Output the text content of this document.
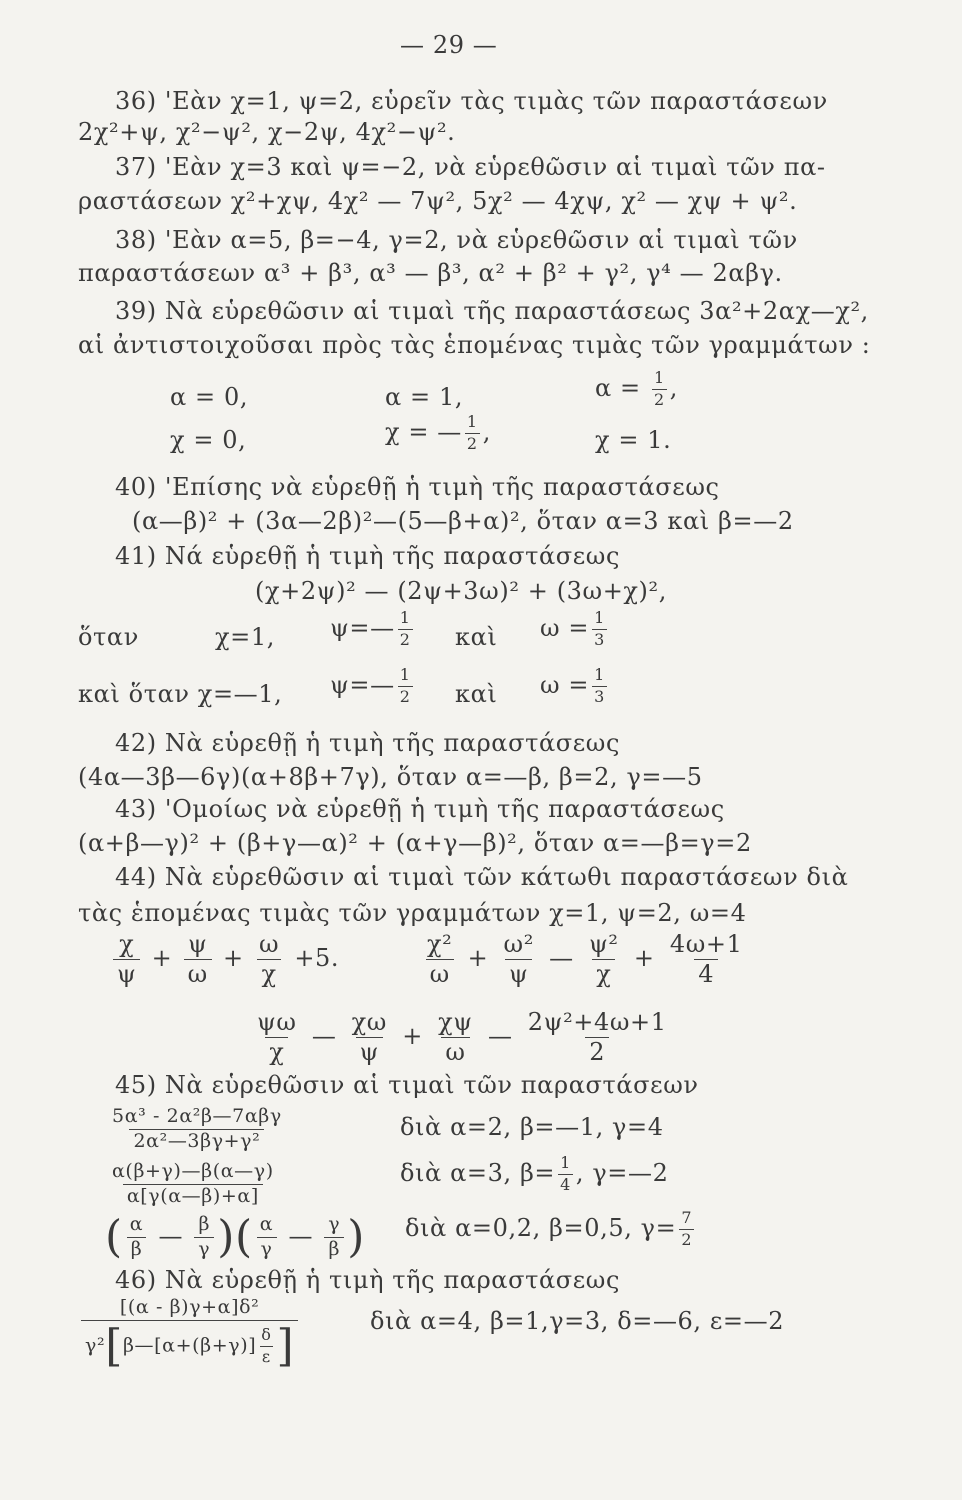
— 29 —
36) 'Εὰν χ=1, ψ=2, εὑρεῖν τὰς τιμὰς τῶν παραστάσεων
2χ²+ψ, χ²−ψ², χ−2ψ, 4χ²−ψ².
37) 'Εὰν χ=3 καὶ ψ=−2, νὰ εὑρεθῶσιν αἱ τιμαὶ τῶν πα-
ραστάσεων χ²+χψ, 4χ² — 7ψ², 5χ² — 4χψ, χ² — χψ + ψ².
38) 'Εὰν α=5, β=−4, γ=2, νὰ εὑρεθῶσιν αἱ τιμαὶ τῶν
παραστάσεων α³ + β³, α³ — β³, α² + β² + γ², γ⁴ — 2αβγ.
39) Νὰ εὑρεθῶσιν αἱ τιμαὶ τῆς παραστάσεως 3α²+2αχ—χ²,
αἱ ἀντιστοιχοῦσαι πρὸς τὰς ἑπομένας τιμὰς τῶν γραμμάτων :
α = 0,	α = 1,	$\alpha = \frac{1}{2}$ ,
χ = 0,	χ = — $\frac{1}{2}$ ,	χ = 1.
40) 'Επίσης νὰ εὑρεθῇ ἡ τιμὴ τῆς παραστάσεως
(α—β)² + (3α—2β)²—(5—β+α)², ὅταν α=3 καὶ β=—2
41) Νά εὑρεθῇ ἡ τιμὴ τῆς παραστάσεως
(χ+2ψ)² — (2ψ+3ω)² + (3ω+χ)²,
ὅταν	χ=1, ψ=— $\frac{1}{2}$ καὶ $\omega = \frac{1}{3}$
καὶ ὅταν χ=—1, ψ=— $\frac{1}{2}$ καὶ $\omega = \frac{1}{3}$
42) Νὰ εὑρεθῇ ἡ τιμὴ τῆς παραστάσεως
(4α—3β—6γ)(α+8β+7γ), ὅταν α=—β, β=2, γ=—5
43) 'Ομοίως νὰ εὑρεθῇ ἡ τιμὴ τῆς παραστάσεως
(α+β—γ)² + (β+γ—α)² + (α+γ—β)², ὅταν α=—β=γ=2
44) Νὰ εὑρεθῶσιν αἱ τιμαὶ τῶν κάτωθι παραστάσεων διὰ
τὰς ἑπομένας τιμὰς τῶν γραμμάτων χ=1, ψ=2, ω=4
$\frac{\chi}{\psi} + \frac{\psi}{\omega} + \frac{\omega}{\chi} +5$.	$\frac{\text{χ²}}{\omega} + \frac{\text{ω²}}{\psi}$ — $\frac{\text{ψ²}}{\chi} + \frac{4\omega+1}{4}$
$\frac{\psi\omega}{\chi}$ — $\frac{\chi\omega}{\psi} + \frac{\chi\psi}{\omega}$ — $\frac{\text{2ψ²+4ω+1}}{2}$
45) Νὰ εὑρεθῶσιν αἱ τιμαὶ τῶν παραστάσεων
$\frac{\text{5α³ - 2α²β—7αβγ}}{\text{2α²—3βγ+γ²}}$	διὰ α=2, β=—1, γ=4
$\frac{\alpha(\beta+\gamma)—\beta(\alpha—\gamma)}{\alpha[\gamma(\alpha—\beta)+\alpha]}$	διὰ α=3, $\beta= \frac{1}{4}$ , γ=—2
( $\frac{\alpha}{\beta}$ — $\frac{\beta}{\gamma}$ )( $\frac{\alpha}{\gamma}$ — $\frac{\gamma}{\beta}$ ) διὰ α=0,2, β=0,5, $\gamma= \frac{7}{2}$
46) Νὰ εὑρεθῇ ἡ τιμὴ τῆς παραστάσεως
$\frac{\text{[(α - β)γ+α]δ²}}{\gamma^2[\beta—[\alpha+(\beta+\gamma)] \frac{\delta}{\varepsilon} ]}$	διὰ α=4, β=1,γ=3, δ=—6, ε=—2
